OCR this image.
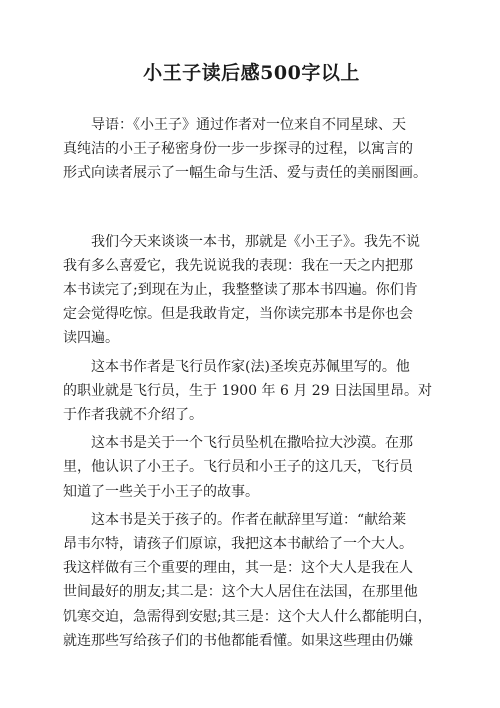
小王子读后感500字以上
导语：《小王子》通过作者对一位来自不同星球、天
真纯洁的小王子秘密身份一步一步探寻的过程，以寓言的
形式向读者展示了一幅生命与生活、爱与责任的美丽图画。
我们今天来谈谈一本书，那就是《小王子》。我先不说
我有多么喜爱它，我先说说我的表现：我在一天之内把那
本书读完了;到现在为止，我整整读了那本书四遍。你们肯
定会觉得吃惊。但是我敢肯定，当你读完那本书是你也会
读四遍。
这本书作者是飞行员作家(法)圣埃克苏佩里写的。他
的职业就是飞行员，生于 1900 年 6 月 29 日法国里昂。对
于作者我就不介绍了。
这本书是关于一个飞行员坠机在撒哈拉大沙漠。在那
里，他认识了小王子。飞行员和小王子的这几天，飞行员
知道了一些关于小王子的故事。
这本书是关于孩子的。作者在献辞里写道：“献给莱
昂韦尔特，请孩子们原谅，我把这本书献给了一个大人。
我这样做有三个重要的理由，其一是：这个大人是我在人
世间最好的朋友;其二是：这个大人居住在法国，在那里他
饥寒交迫，急需得到安慰;其三是：这个大人什么都能明白，
就连那些写给孩子们的书他都能看懂。如果这些理由仍嫌
